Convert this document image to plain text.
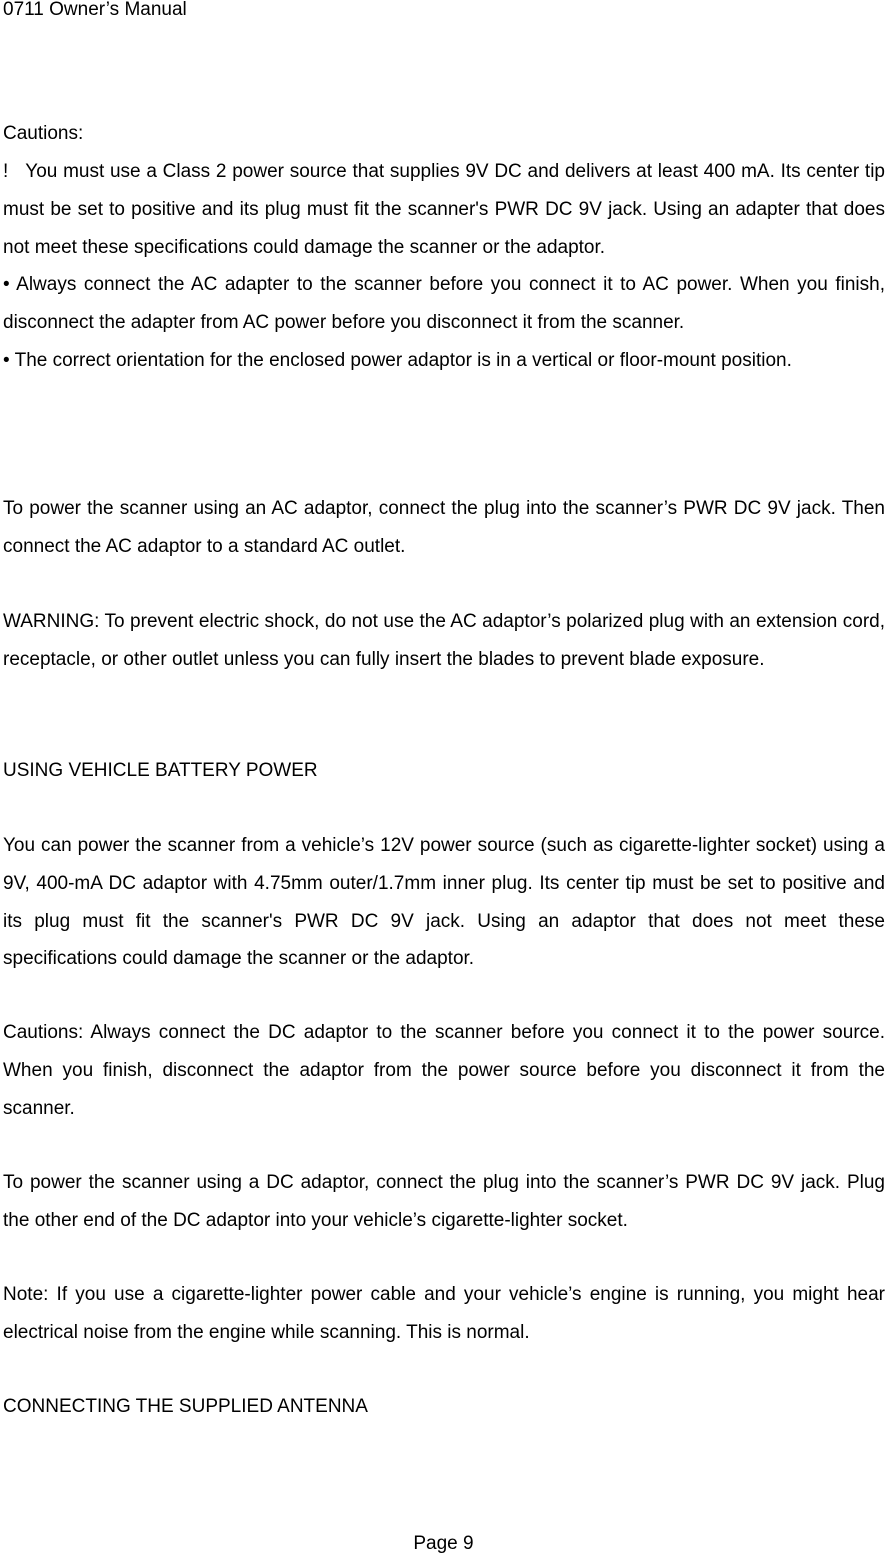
0711 Owner’s Manual

Cautions:

! You must use a Class 2 power source that supplies 9V DC and delivers at least 400 mA. Its center tip must be set to positive and its plug must fit the scanner's PWR DC 9V jack. Using an adapter that does not meet these specifications could damage the scanner or the adaptor.
• Always connect the AC adapter to the scanner before you connect it to AC power. When you finish, disconnect the adapter from AC power before you disconnect it from the scanner.
• The correct orientation for the enclosed power adaptor is in a vertical or floor-mount position.

To power the scanner using an AC adaptor, connect the plug into the scanner’s PWR DC 9V jack. Then connect the AC adaptor to a standard AC outlet.

WARNING: To prevent electric shock, do not use the AC adaptor’s polarized plug with an extension cord, receptacle, or other outlet unless you can fully insert the blades to prevent blade exposure.

USING VEHICLE BATTERY POWER

You can power the scanner from a vehicle’s 12V power source (such as cigarette-lighter socket) using a 9V, 400-mA DC adaptor with 4.75mm outer/1.7mm inner plug. Its center tip must be set to positive and its plug must fit the scanner's PWR DC 9V jack. Using an adaptor that does not meet these specifications could damage the scanner or the adaptor.

Cautions: Always connect the DC adaptor to the scanner before you connect it to the power source. When you finish, disconnect the adaptor from the power source before you disconnect it from the scanner.

To power the scanner using a DC adaptor, connect the plug into the scanner’s PWR DC 9V jack. Plug the other end of the DC adaptor into your vehicle’s cigarette-lighter socket.

Note: If you use a cigarette-lighter power cable and your vehicle’s engine is running, you might hear electrical noise from the engine while scanning. This is normal.

CONNECTING THE SUPPLIED ANTENNA

Page 9
